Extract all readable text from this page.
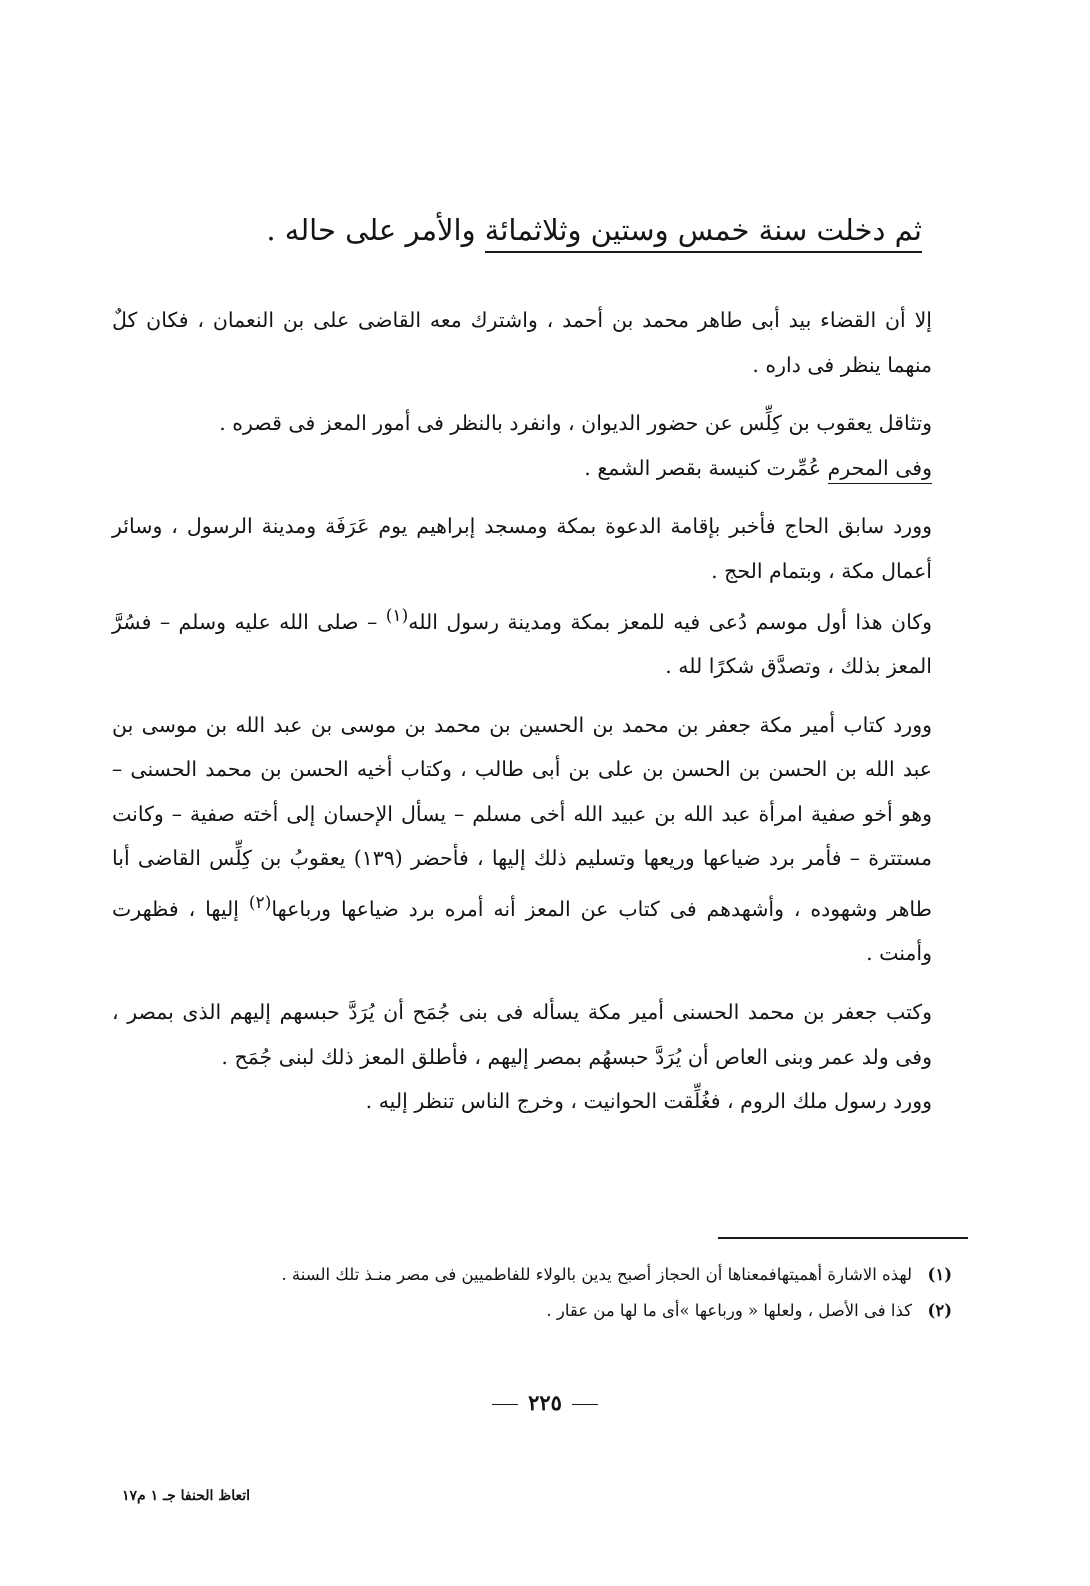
ثم دخلت سنة خمس وستين وثلاثمائة والأمر على حاله .

إلا أن القضاء بيد أبى طاهر محمد بن أحمد ، واشترك معه القاضى على بن النعمان ، فكان كلٌ منهما ينظر فى داره .

وتثاقل يعقوب بن كِلِّس عن حضور الديوان ، وانفرد بالنظر فى أمور المعز فى قصره .

وفى المحرم عُمِّرت كنيسة بقصر الشمع .

وورد سابق الحاج فأخبر بإقامة الدعوة بمكة ومسجد إبراهيم يوم عَرَفَة ومدينة الرسول ، وسائر أعمال مكة ، وبتمام الحج .

وكان هذا أول موسم دُعى فيه للمعز بمكة ومدينة رسول الله$^{(١)}$ – صلى الله عليه وسلم – فسُرَّ المعز بذلك ، وتصدَّق شكرًا لله .

وورد كتاب أمير مكة جعفر بن محمد بن الحسين بن محمد بن موسى بن عبد الله بن موسى بن عبد الله بن الحسن بن الحسن بن على بن أبى طالب ، وكتاب أخيه الحسن بن محمد الحسنى – وهو أخو صفية امرأة عبد الله بن عبيد الله أخى مسلم – يسأل الإحسان إلى أخته صفية – وكانت مستترة – فأمر برد ضياعها وريعها وتسليم ذلك إليها ، فأحضر (١٣٩) يعقوبُ بن كِلِّس القاضى أبا طاهر وشهوده ، وأشهدهم فى كتاب عن المعز أنه أمره برد ضياعها ورباعها$^{(٢)}$ إليها ، فظهرت وأمنت .

وكتب جعفر بن محمد الحسنى أمير مكة يسأله فى بنى جُمَح أن يُرَدَّ حبسهم إليهم الذى بمصر ، وفى ولد عمر وبنى العاص أن يُرَدَّ حبسهُم بمصر إليهم ، فأطلق المعز ذلك لبنى جُمَح .

وورد رسول ملك الروم ، فغُلِّقت الحوانيت ، وخرج الناس تنظر إليه .

(١)لهذه الاشارة أهميتهافمعناها أن الحجاز أصبح يدين بالولاء للفاطميين فى مصر منـذ تلك السنة .

(٢)كذا فى الأصل ، ولعلها « ورباعها »أى ما لها من عقار .

٢٢٥
اتعاظ الحنفا جـ ١ م١٧
